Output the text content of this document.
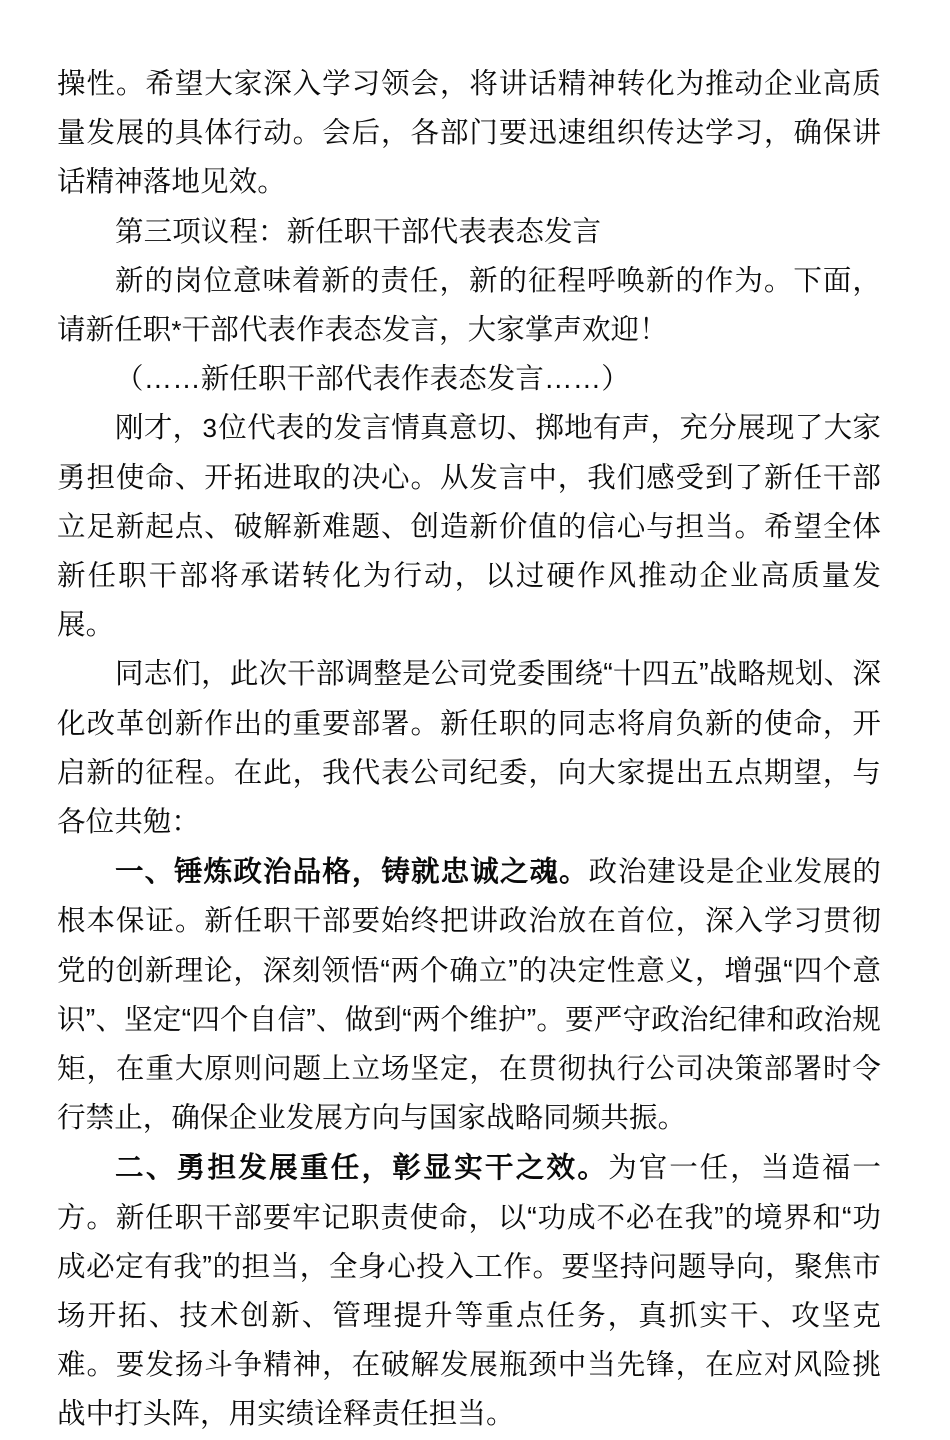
操性。希望大家深入学习领会，将讲话精神转化为推动企业高质量发展的具体行动。会后，各部门要迅速组织传达学习，确保讲话精神落地见效。

第三项议程：新任职干部代表表态发言

新的岗位意味着新的责任，新的征程呼唤新的作为。下面，请新任职*干部代表作表态发言，大家掌声欢迎！

（……新任职干部代表作表态发言……）

刚才，3位代表的发言情真意切、掷地有声，充分展现了大家勇担使命、开拓进取的决心。从发言中，我们感受到了新任干部立足新起点、破解新难题、创造新价值的信心与担当。希望全体新任职干部将承诺转化为行动，以过硬作风推动企业高质量发展。

同志们，此次干部调整是公司党委围绕“十四五”战略规划、深化改革创新作出的重要部署。新任职的同志将肩负新的使命，开启新的征程。在此，我代表公司纪委，向大家提出五点期望，与各位共勉：

一、锤炼政治品格，铸就忠诚之魂。政治建设是企业发展的根本保证。新任职干部要始终把讲政治放在首位，深入学习贯彻党的创新理论，深刻领悟“两个确立”的决定性意义，增强“四个意识”、坚定“四个自信”、做到“两个维护”。要严守政治纪律和政治规矩，在重大原则问题上立场坚定，在贯彻执行公司决策部署时令行禁止，确保企业发展方向与国家战略同频共振。

二、勇担发展重任，彰显实干之效。为官一任，当造福一方。新任职干部要牢记职责使命，以“功成不必在我”的境界和“功成必定有我”的担当，全身心投入工作。要坚持问题导向，聚焦市场开拓、技术创新、管理提升等重点任务，真抓实干、攻坚克难。要发扬斗争精神，在破解发展瓶颈中当先锋，在应对风险挑战中打头阵，用实绩诠释责任担当。
